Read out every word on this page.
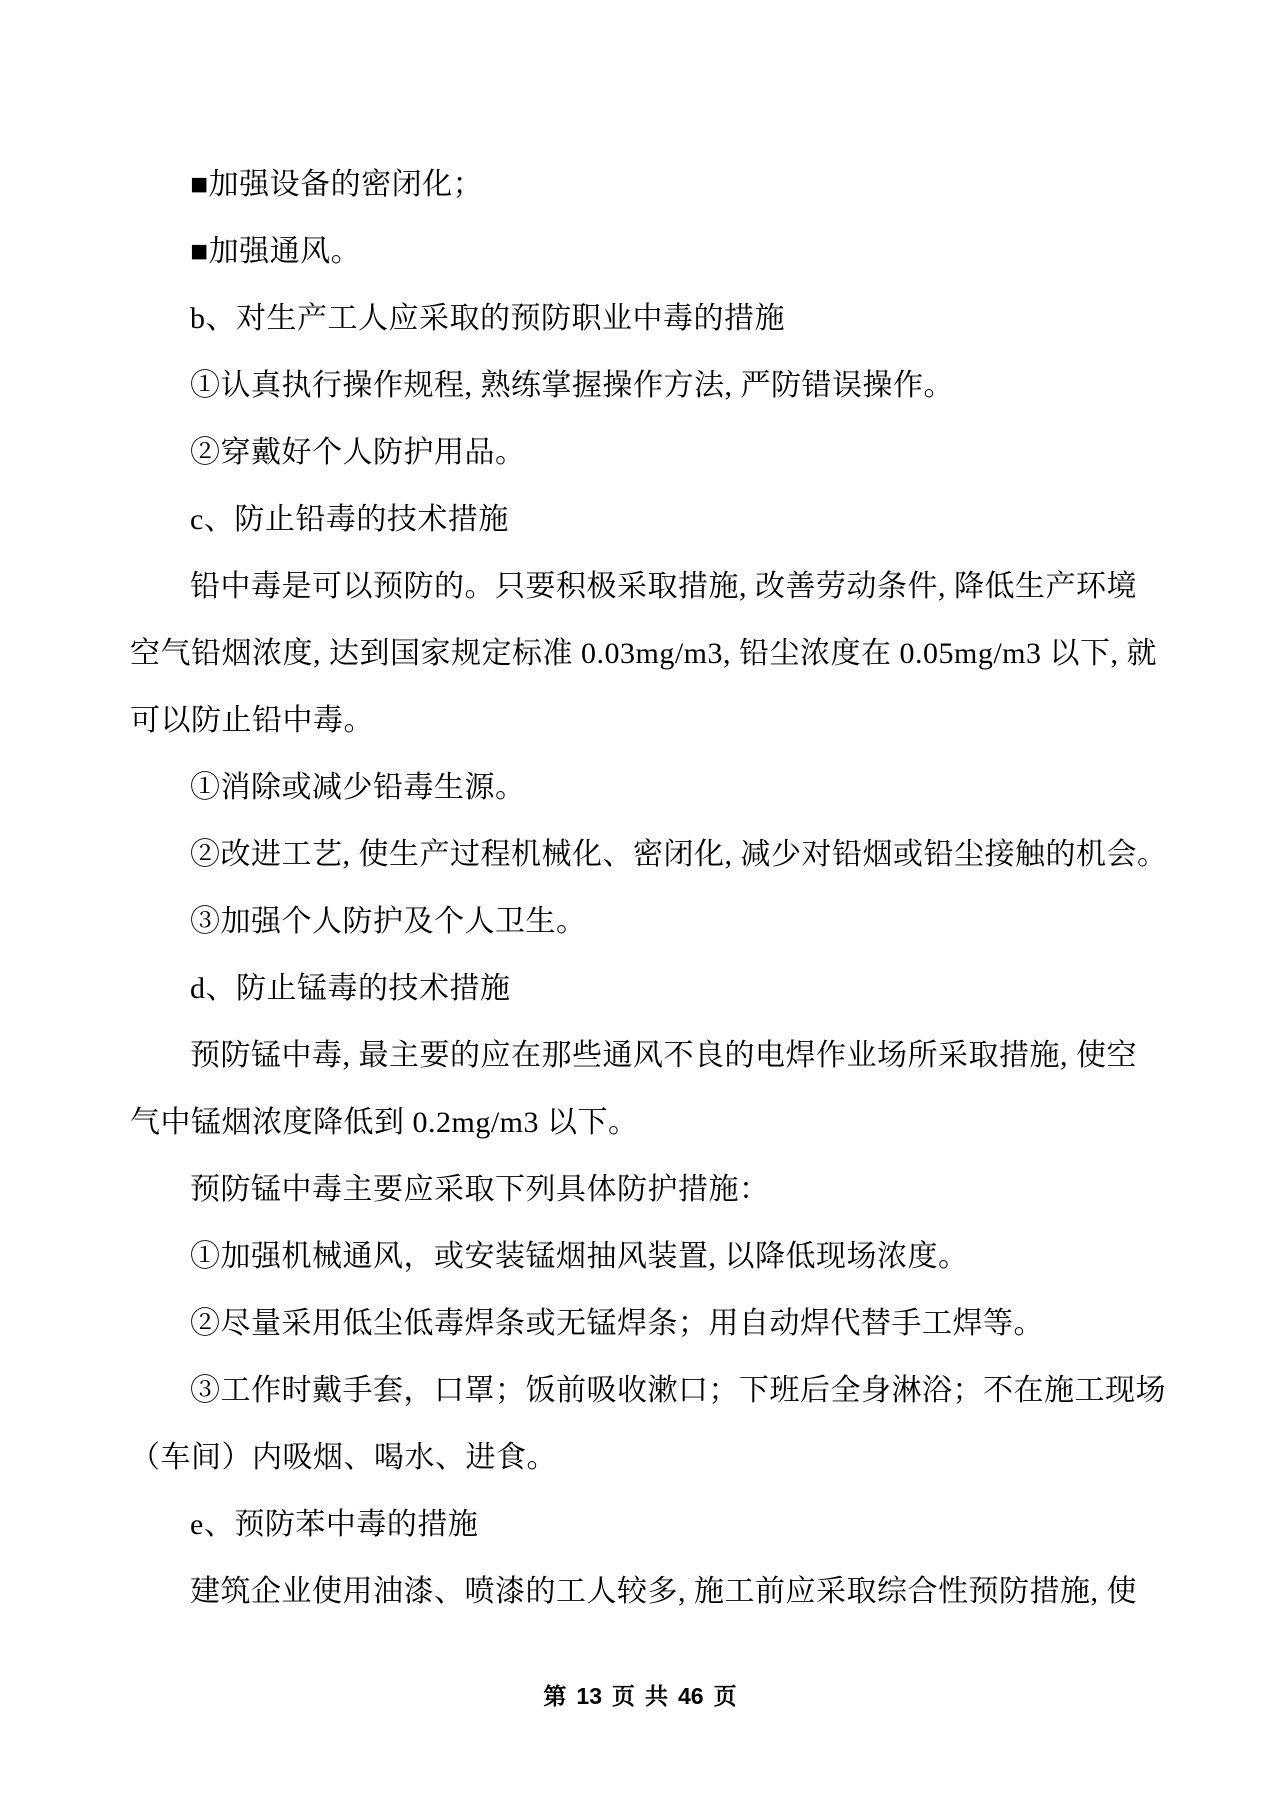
■加强设备的密闭化；
■加强通风。
b、对生产工人应采取的预防职业中毒的措施
①认真执行操作规程, 熟练掌握操作方法, 严防错误操作。
②穿戴好个人防护用品。
c、防止铅毒的技术措施
铅中毒是可以预防的。只要积极采取措施, 改善劳动条件, 降低生产环境
空气铅烟浓度, 达到国家规定标准 0.03mg/m3, 铅尘浓度在 0.05mg/m3 以下, 就
可以防止铅中毒。
①消除或减少铅毒生源。
②改进工艺, 使生产过程机械化、密闭化, 减少对铅烟或铅尘接触的机会。
③加强个人防护及个人卫生。
d、防止锰毒的技术措施
预防锰中毒, 最主要的应在那些通风不良的电焊作业场所采取措施, 使空
气中锰烟浓度降低到 0.2mg/m3 以下。
预防锰中毒主要应采取下列具体防护措施：
①加强机械通风，或安装锰烟抽风装置, 以降低现场浓度。
②尽量采用低尘低毒焊条或无锰焊条；用自动焊代替手工焊等。
③工作时戴手套，口罩；饭前吸收漱口；下班后全身淋浴；不在施工现场
（车间）内吸烟、喝水、进食。
e、预防苯中毒的措施
建筑企业使用油漆、喷漆的工人较多, 施工前应采取综合性预防措施, 使
第 13 页 共 46 页
